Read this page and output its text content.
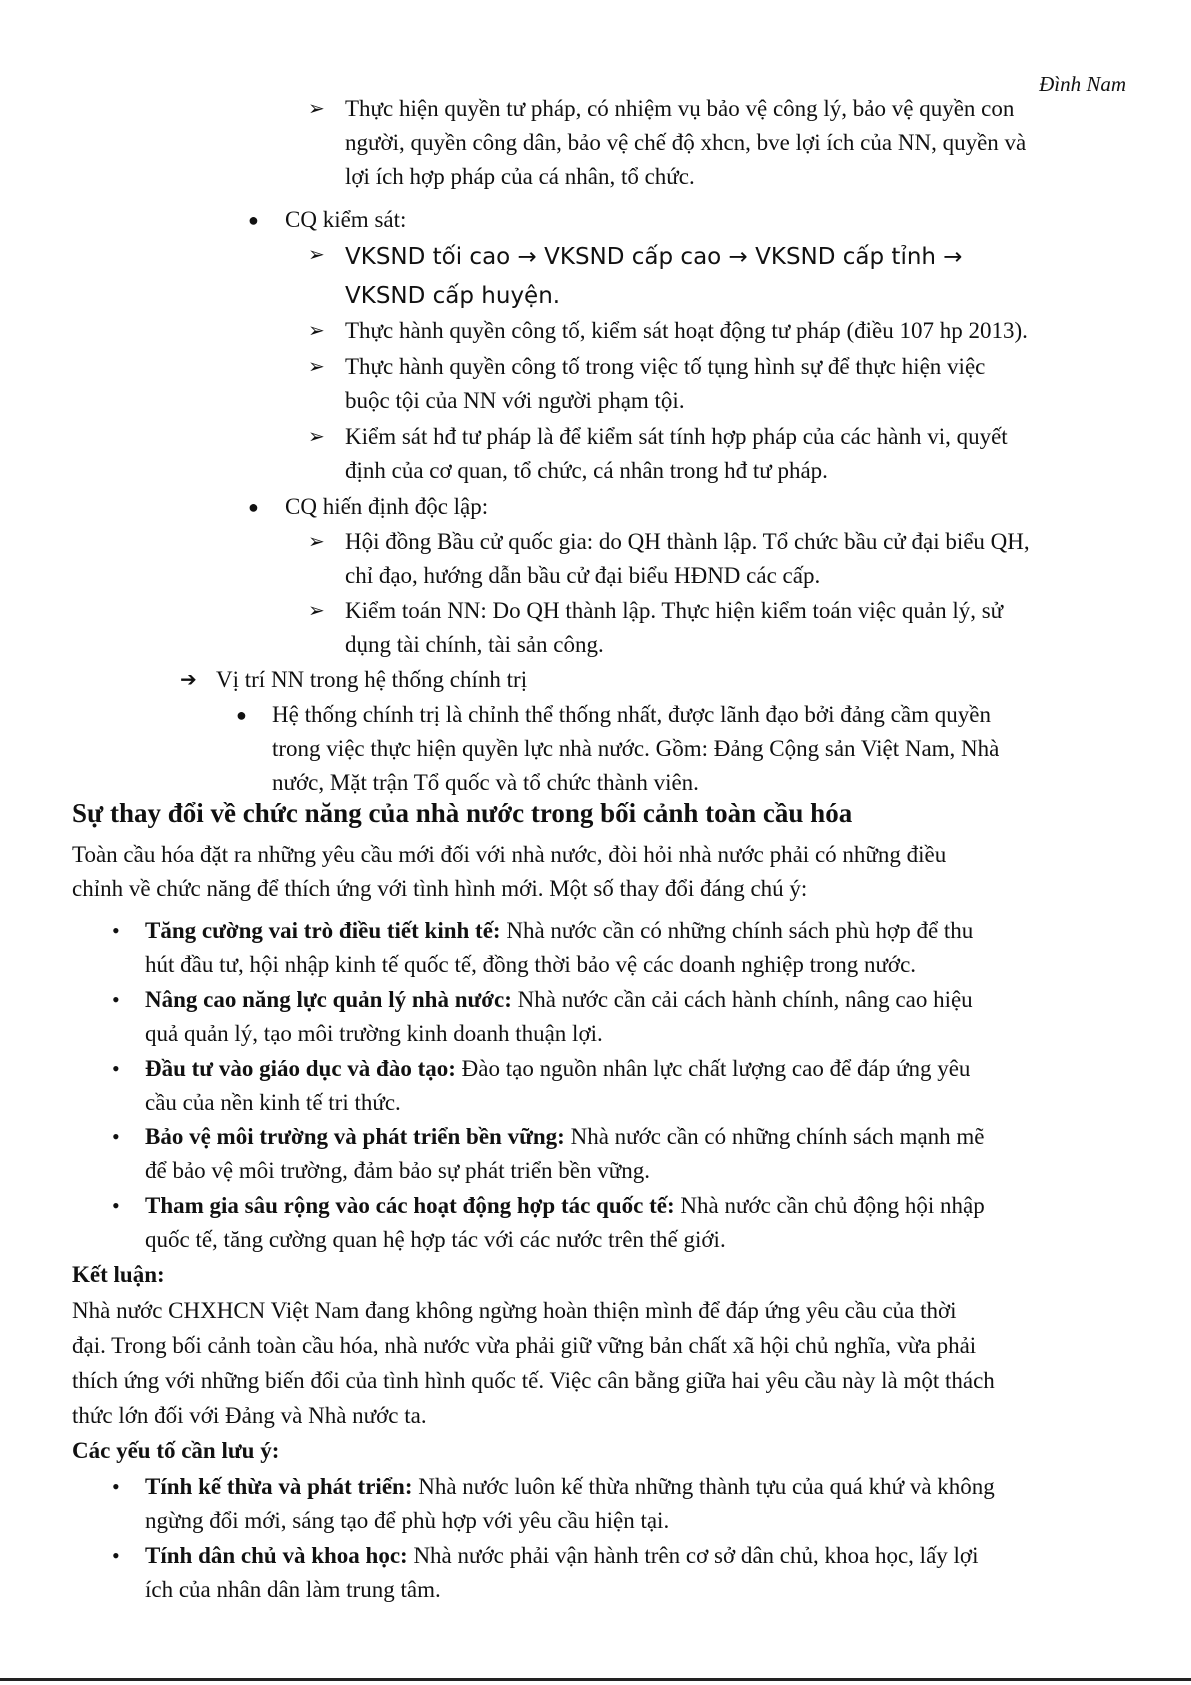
Đình Nam
➢ Thực hiện quyền tư pháp, có nhiệm vụ bảo vệ công lý, bảo vệ quyền con
người, quyền công dân, bảo vệ chế độ xhcn, bve lợi ích của NN, quyền và
lợi ích hợp pháp của cá nhân, tổ chức.
● CQ kiểm sát:
➢ VKSND tối cao → VKSND cấp cao → VKSND cấp tỉnh →
VKSND cấp huyện.
➢ Thực hành quyền công tố, kiểm sát hoạt động tư pháp (điều 107 hp 2013).
➢ Thực hành quyền công tố trong việc tố tụng hình sự để thực hiện việc
buộc tội của NN với người phạm tội.
➢ Kiểm sát hđ tư pháp là để kiểm sát tính hợp pháp của các hành vi, quyết
định của cơ quan, tổ chức, cá nhân trong hđ tư pháp.
● CQ hiến định độc lập:
➢ Hội đồng Bầu cử quốc gia: do QH thành lập. Tổ chức bầu cử đại biểu QH,
chỉ đạo, hướng dẫn bầu cử đại biểu HĐND các cấp.
➢ Kiểm toán NN: Do QH thành lập. Thực hiện kiểm toán việc quản lý, sử
dụng tài chính, tài sản công.
➔ Vị trí NN trong hệ thống chính trị
● Hệ thống chính trị là chỉnh thể thống nhất, được lãnh đạo bởi đảng cầm quyền
trong việc thực hiện quyền lực nhà nước. Gồm: Đảng Cộng sản Việt Nam, Nhà
nước, Mặt trận Tổ quốc và tổ chức thành viên.
Sự thay đổi về chức năng của nhà nước trong bối cảnh toàn cầu hóa
Toàn cầu hóa đặt ra những yêu cầu mới đối với nhà nước, đòi hỏi nhà nước phải có những điều
chỉnh về chức năng để thích ứng với tình hình mới. Một số thay đổi đáng chú ý:
• Tăng cường vai trò điều tiết kinh tế: Nhà nước cần có những chính sách phù hợp để thu
hút đầu tư, hội nhập kinh tế quốc tế, đồng thời bảo vệ các doanh nghiệp trong nước.
• Nâng cao năng lực quản lý nhà nước: Nhà nước cần cải cách hành chính, nâng cao hiệu
quả quản lý, tạo môi trường kinh doanh thuận lợi.
• Đầu tư vào giáo dục và đào tạo: Đào tạo nguồn nhân lực chất lượng cao để đáp ứng yêu
cầu của nền kinh tế tri thức.
• Bảo vệ môi trường và phát triển bền vững: Nhà nước cần có những chính sách mạnh mẽ
để bảo vệ môi trường, đảm bảo sự phát triển bền vững.
• Tham gia sâu rộng vào các hoạt động hợp tác quốc tế: Nhà nước cần chủ động hội nhập
quốc tế, tăng cường quan hệ hợp tác với các nước trên thế giới.
Kết luận:
Nhà nước CHXHCN Việt Nam đang không ngừng hoàn thiện mình để đáp ứng yêu cầu của thời
đại. Trong bối cảnh toàn cầu hóa, nhà nước vừa phải giữ vững bản chất xã hội chủ nghĩa, vừa phải
thích ứng với những biến đổi của tình hình quốc tế. Việc cân bằng giữa hai yêu cầu này là một thách
thức lớn đối với Đảng và Nhà nước ta.
Các yếu tố cần lưu ý:
• Tính kế thừa và phát triển: Nhà nước luôn kế thừa những thành tựu của quá khứ và không
ngừng đổi mới, sáng tạo để phù hợp với yêu cầu hiện tại.
• Tính dân chủ và khoa học: Nhà nước phải vận hành trên cơ sở dân chủ, khoa học, lấy lợi
ích của nhân dân làm trung tâm.
